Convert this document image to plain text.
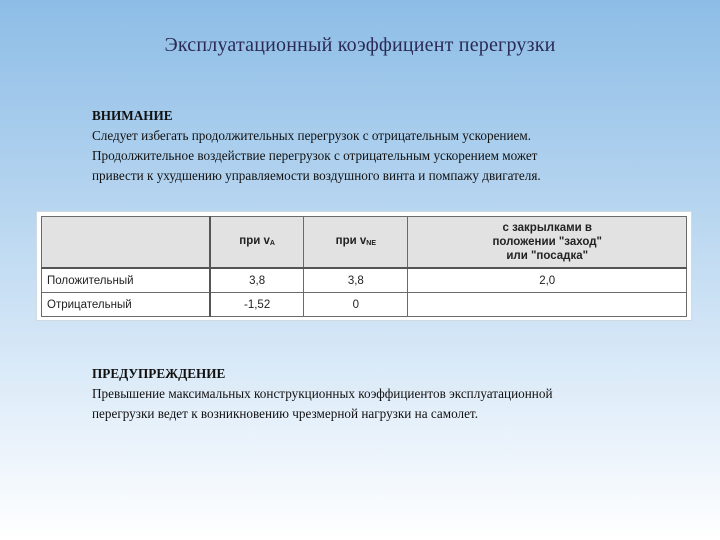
Эксплуатационный коэффициент перегрузки
ВНИМАНИЕ
Следует избегать продолжительных перегрузок с отрицательным ускорением.
Продолжительное воздействие перегрузок с отрицательным ускорением может
привести к ухудшению управляемости воздушного винта и помпажу двигателя.
	при $v_A$	при $v_{NE}$	с закрылками в
положении "заход"
или "посадка"
Положительный	3,8	3,8	2,0
Отрицательный	-1,52	0	
ПРЕДУПРЕЖДЕНИЕ
Превышение максимальных конструкционных коэффициентов эксплуатационной
перегрузки ведет к возникновению чрезмерной нагрузки на самолет.
